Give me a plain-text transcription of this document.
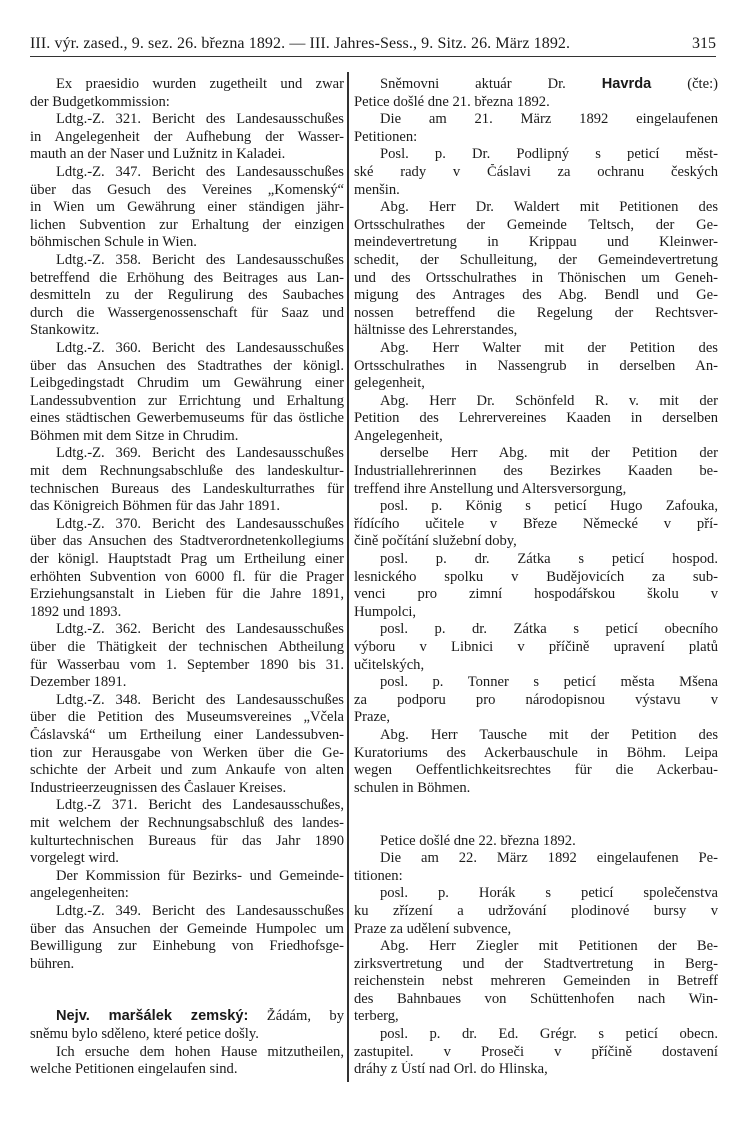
III. výr. zased., 9. sez. 26. března 1892. — III. Jahres-Sess., 9. Sitz. 26. März 1892.	315
Ex praesidio wurden zugetheilt und zwar
der Budgetkommission:
Ldtg.-Z. 321. Bericht des Landesausschußes
in Angelegenheit der Aufhebung der Wasser-
mauth an der Naser und Lužnitz in Kaladei.
Ldtg.-Z. 347. Bericht des Landesausschußes
über das Gesuch des Vereines „Komenský“
in Wien um Gewährung einer ständigen jähr-
lichen Subvention zur Erhaltung der einzigen
böhmischen Schule in Wien.
Ldtg.-Z. 358. Bericht des Landesausschußes
betreffend die Erhöhung des Beitrages aus Lan-
desmitteln zu der Regulirung des Saubaches
durch die Wassergenossenschaft für Saaz und
Stankowitz.
Ldtg.-Z. 360. Bericht des Landesausschußes
über das Ansuchen des Stadtrathes der königl.
Leibgedingstadt Chrudim um Gewährung einer
Landessubvention zur Errichtung und Erhaltung
eines städtischen Gewerbemuseums für das östliche
Böhmen mit dem Sitze in Chrudim.
Ldtg.-Z. 369. Bericht des Landesausschußes
mit dem Rechnungsabschluße des landeskultur-
technischen Bureaus des Landeskulturrathes für
das Königreich Böhmen für das Jahr 1891.
Ldtg.-Z. 370. Bericht des Landesausschußes
über das Ansuchen des Stadtverordnetenkollegiums
der königl. Hauptstadt Prag um Ertheilung einer
erhöhten Subvention von 6000 fl. für die Prager
Erziehungsanstalt in Lieben für die Jahre 1891,
1892 und 1893.
Ldtg.-Z. 362. Bericht des Landesausschußes
über die Thätigkeit der technischen Abtheilung
für Wasserbau vom 1. September 1890 bis 31.
Dezember 1891.
Ldtg.-Z. 348. Bericht des Landesausschußes
über die Petition des Museumsvereines „Včela
Čáslavská“ um Ertheilung einer Landessubven-
tion zur Herausgabe von Werken über die Ge-
schichte der Arbeit und zum Ankaufe von alten
Industrieerzeugnissen des Časlauer Kreises.
Ldtg.-Z 371. Bericht des Landesausschußes,
mit welchem der Rechnungsabschluß des landes-
kulturtechnischen Bureaus für das Jahr 1890
vorgelegt wird.
Der Kommission für Bezirks- und Gemeinde-
angelegenheiten:
Ldtg.-Z. 349. Bericht des Landesausschußes
über das Ansuchen der Gemeinde Humpolec um
Bewilligung zur Einhebung von Friedhofsge-
bühren.

Nejv. maršálek zemský: Žádám, by
sněmu bylo sděleno, které petice došly.
Ich ersuche dem hohen Hause mitzutheilen,
welche Petitionen eingelaufen sind.
Sněmovni aktuár Dr. Havrda (čte:)
Petice došlé dne 21. března 1892.
Die am 21. März 1892 eingelaufenen
Petitionen:
Posl. p. Dr. Podlipný s peticí měst-
ské rady v Čáslavi za ochranu českých
menšin.
Abg. Herr Dr. Waldert mit Petitionen des
Ortsschulrathes der Gemeinde Teltsch, der Ge-
meindevertretung in Krippau und Kleinwer-
schedit, der Schulleitung, der Gemeindevertretung
und des Ortsschulrathes in Thönischen um Geneh-
migung des Antrages des Abg. Bendl und Ge-
nossen betreffend die Regelung der Rechtsver-
hältnisse des Lehrerstandes,
Abg. Herr Walter mit der Petition des
Ortsschulrathes in Nassengrub in derselben An-
gelegenheit,
Abg. Herr Dr. Schönfeld R. v. mit der
Petition des Lehrervereines Kaaden in derselben
Angelegenheit,
derselbe Herr Abg. mit der Petition der
Industriallehrerinnen des Bezirkes Kaaden be-
treffend ihre Anstellung und Altersversorgung,
posl. p. König s peticí Hugo Zafouka,
řídícího učitele v Březe Německé v pří-
čině počítání služební doby,
posl. p. dr. Zátka s peticí hospod.
lesnického spolku v Budějovicích za sub-
venci pro zimní hospodářskou školu v
Humpolci,
posl. p. dr. Zátka s peticí obecního
výboru v Libnici v příčině upravení platů
učitelských,
posl. p. Tonner s peticí města Mšena
za podporu pro národopisnou výstavu v
Praze,
Abg. Herr Tausche mit der Petition des
Kuratoriums des Ackerbauschule in Böhm. Leipa
wegen Oeffentlichkeitsrechtes für die Ackerbau-
schulen in Böhmen.

Petice došlé dne 22. března 1892.
Die am 22. März 1892 eingelaufenen Pe-
titionen:
posl. p. Horák s peticí společenstva
ku zřízení a udržování plodinové bursy v
Praze za udělení subvence,
Abg. Herr Ziegler mit Petitionen der Be-
zirksvertretung und der Stadtvertretung in Berg-
reichenstein nebst mehreren Gemeinden in Betreff
des Bahnbaues von Schüttenhofen nach Win-
terberg,
posl. p. dr. Ed. Grégr. s peticí obecn.
zastupitel. v Proseči v příčině dostavení
dráhy z Ústí nad Orl. do Hlinska,
